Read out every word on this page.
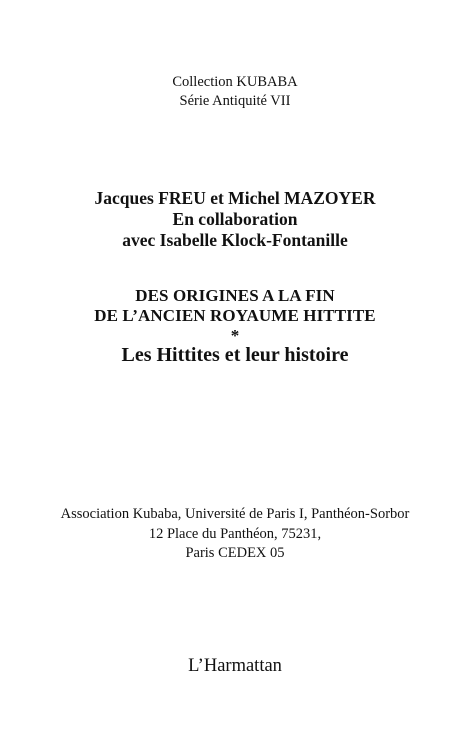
Collection KUBABA
Série Antiquité VII
Jacques FREU et Michel MAZOYER
En collaboration
avec Isabelle Klock-Fontanille
DES ORIGINES A LA FIN
DE L’ANCIEN ROYAUME HITTITE
*
Les Hittites et leur histoire
Association Kubaba, Université de Paris I, Panthéon-Sorbor
12 Place du Panthéon, 75231,
Paris CEDEX 05
L’Harmattan
